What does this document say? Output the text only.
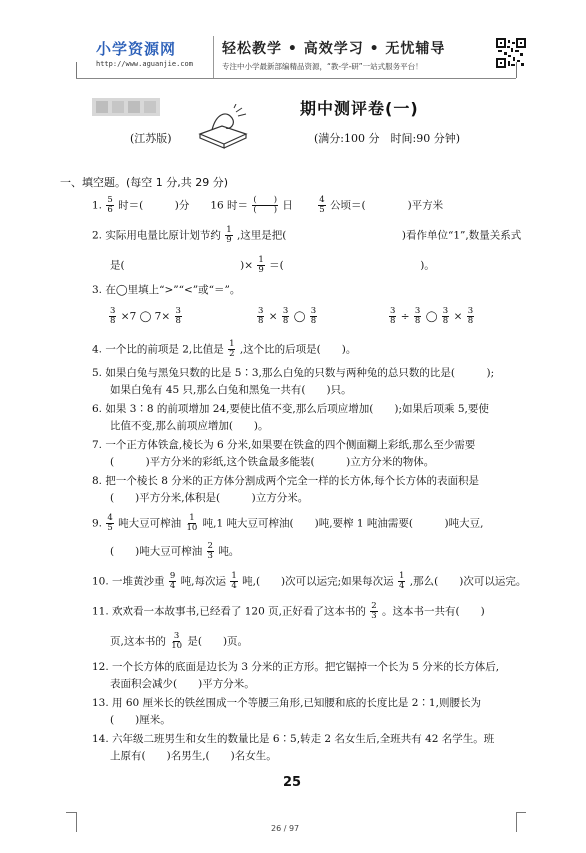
小学资源网
http://www.aguanjie.com
轻松教学 • 高效学习 • 无忧辅导
专注中小学最新部编精品资源，“教-学-研”一站式服务平台！
期中测评卷(一)
(江苏版)	(满分:100 分　时间:90 分钟)
一、填空题。(每空 1 分,共 29 分)
1. $\frac{5}{6}$ 时＝(　　　)分　　16 时＝ $\frac{( )}{( )}$ 日　　 $\frac{4}{5}$ 公顷＝(　　　　)平方米
2. 实际用电量比原计划节约 $\frac{1}{9}$ ,这里是把(　　　　　　　　　　　)看作单位“1”,数量关系式
是(　　　　　　　　　　　)× $\frac{1}{9}$ ＝(　　　　　　　　　　　　　)。
3. 在◯里填上“>”“<”或“＝”。
$\frac{3}{8} \times 7$ ◯ $7\times \frac{3}{8}$	$\frac{3}{8} \times \frac{3}{8}$ ◯ $\frac{3}{8}$	$\frac{3}{8} \div \frac{3}{8}$ ◯ $\frac{3}{8} \times \frac{3}{8}$
4. 一个比的前项是 2,比值是 $\frac{1}{2}$ ,这个比的后项是(　　)。
5. 如果白兔与黑兔只数的比是 5∶3,那么白兔的只数与两种兔的总只数的比是(　　　);
如果白兔有 45 只,那么白兔和黑兔一共有(　　)只。
6. 如果 3∶8 的前项增加 24,要使比值不变,那么后项应增加(　　);如果后项乘 5,要使
比值不变,那么前项应增加(　　)。
7. 一个正方体铁盒,棱长为 6 分米,如果要在铁盒的四个侧面糊上彩纸,那么至少需要
(　　　)平方分米的彩纸,这个铁盒最多能装(　　　)立方分米的物体。
8. 把一个棱长 8 分米的正方体分割成两个完全一样的长方体,每个长方体的表面积是
(　　)平方分米,体积是(　　　)立方分米。
9. $\frac{4}{5}$ 吨大豆可榨油 $\frac{1}{10}$ 吨,1 吨大豆可榨油(　　)吨,要榨 1 吨油需要(　　　)吨大豆,
(　　)吨大豆可榨油 $\frac{2}{3}$ 吨。
10. 一堆黄沙重 $\frac{9}{4}$ 吨,每次运 $\frac{1}{4}$ 吨,(　　)次可以运完;如果每次运 $\frac{1}{4}$ ,那么(　　)次可以运完。
11. 欢欢看一本故事书,已经看了 120 页,正好看了这本书的 $\frac{2}{3}$ 。这本书一共有(　　)
页,这本书的 $\frac{3}{10}$ 是(　　)页。
12. 一个长方体的底面是边长为 3 分米的正方形。把它锯掉一个长为 5 分米的长方体后,
表面积会减少(　　)平方分米。
13. 用 60 厘米长的铁丝围成一个等腰三角形,已知腰和底的长度比是 2∶1,则腰长为
(　　)厘米。
14. 六年级二班男生和女生的数量比是 6∶5,转走 2 名女生后,全班共有 42 名学生。班
上原有(　　)名男生,(　　)名女生。
25
26 / 97
